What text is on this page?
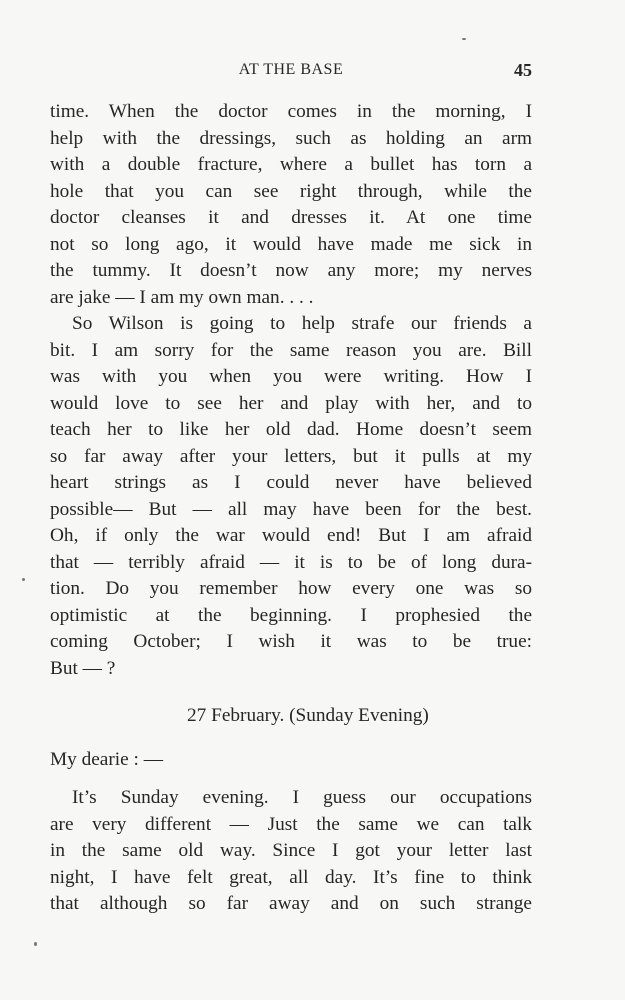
AT THE BASE	45
time. When the doctor comes in the morning, I
help with the dressings, such as holding an arm
with a double fracture, where a bullet has torn a
hole that you can see right through, while the
doctor cleanses it and dresses it. At one time
not so long ago, it would have made me sick in
the tummy. It doesn’t now any more; my nerves
are jake — I am my own man. . . .
So Wilson is going to help strafe our friends a
bit. I am sorry for the same reason you are. Bill
was with you when you were writing. How I
would love to see her and play with her, and to
teach her to like her old dad. Home doesn’t seem
so far away after your letters, but it pulls at my
heart strings as I could never have believed
possible— But — all may have been for the best.
Oh, if only the war would end! But I am afraid
that — terribly afraid — it is to be of long dura-
tion. Do you remember how every one was so
optimistic at the beginning. I prophesied the
coming October; I wish it was to be true:
But — ?
27 February. (Sunday Evening)
My dearie : —
It’s Sunday evening. I guess our occupations
are very different — Just the same we can talk
in the same old way. Since I got your letter last
night, I have felt great, all day. It’s fine to think
that although so far away and on such strange
